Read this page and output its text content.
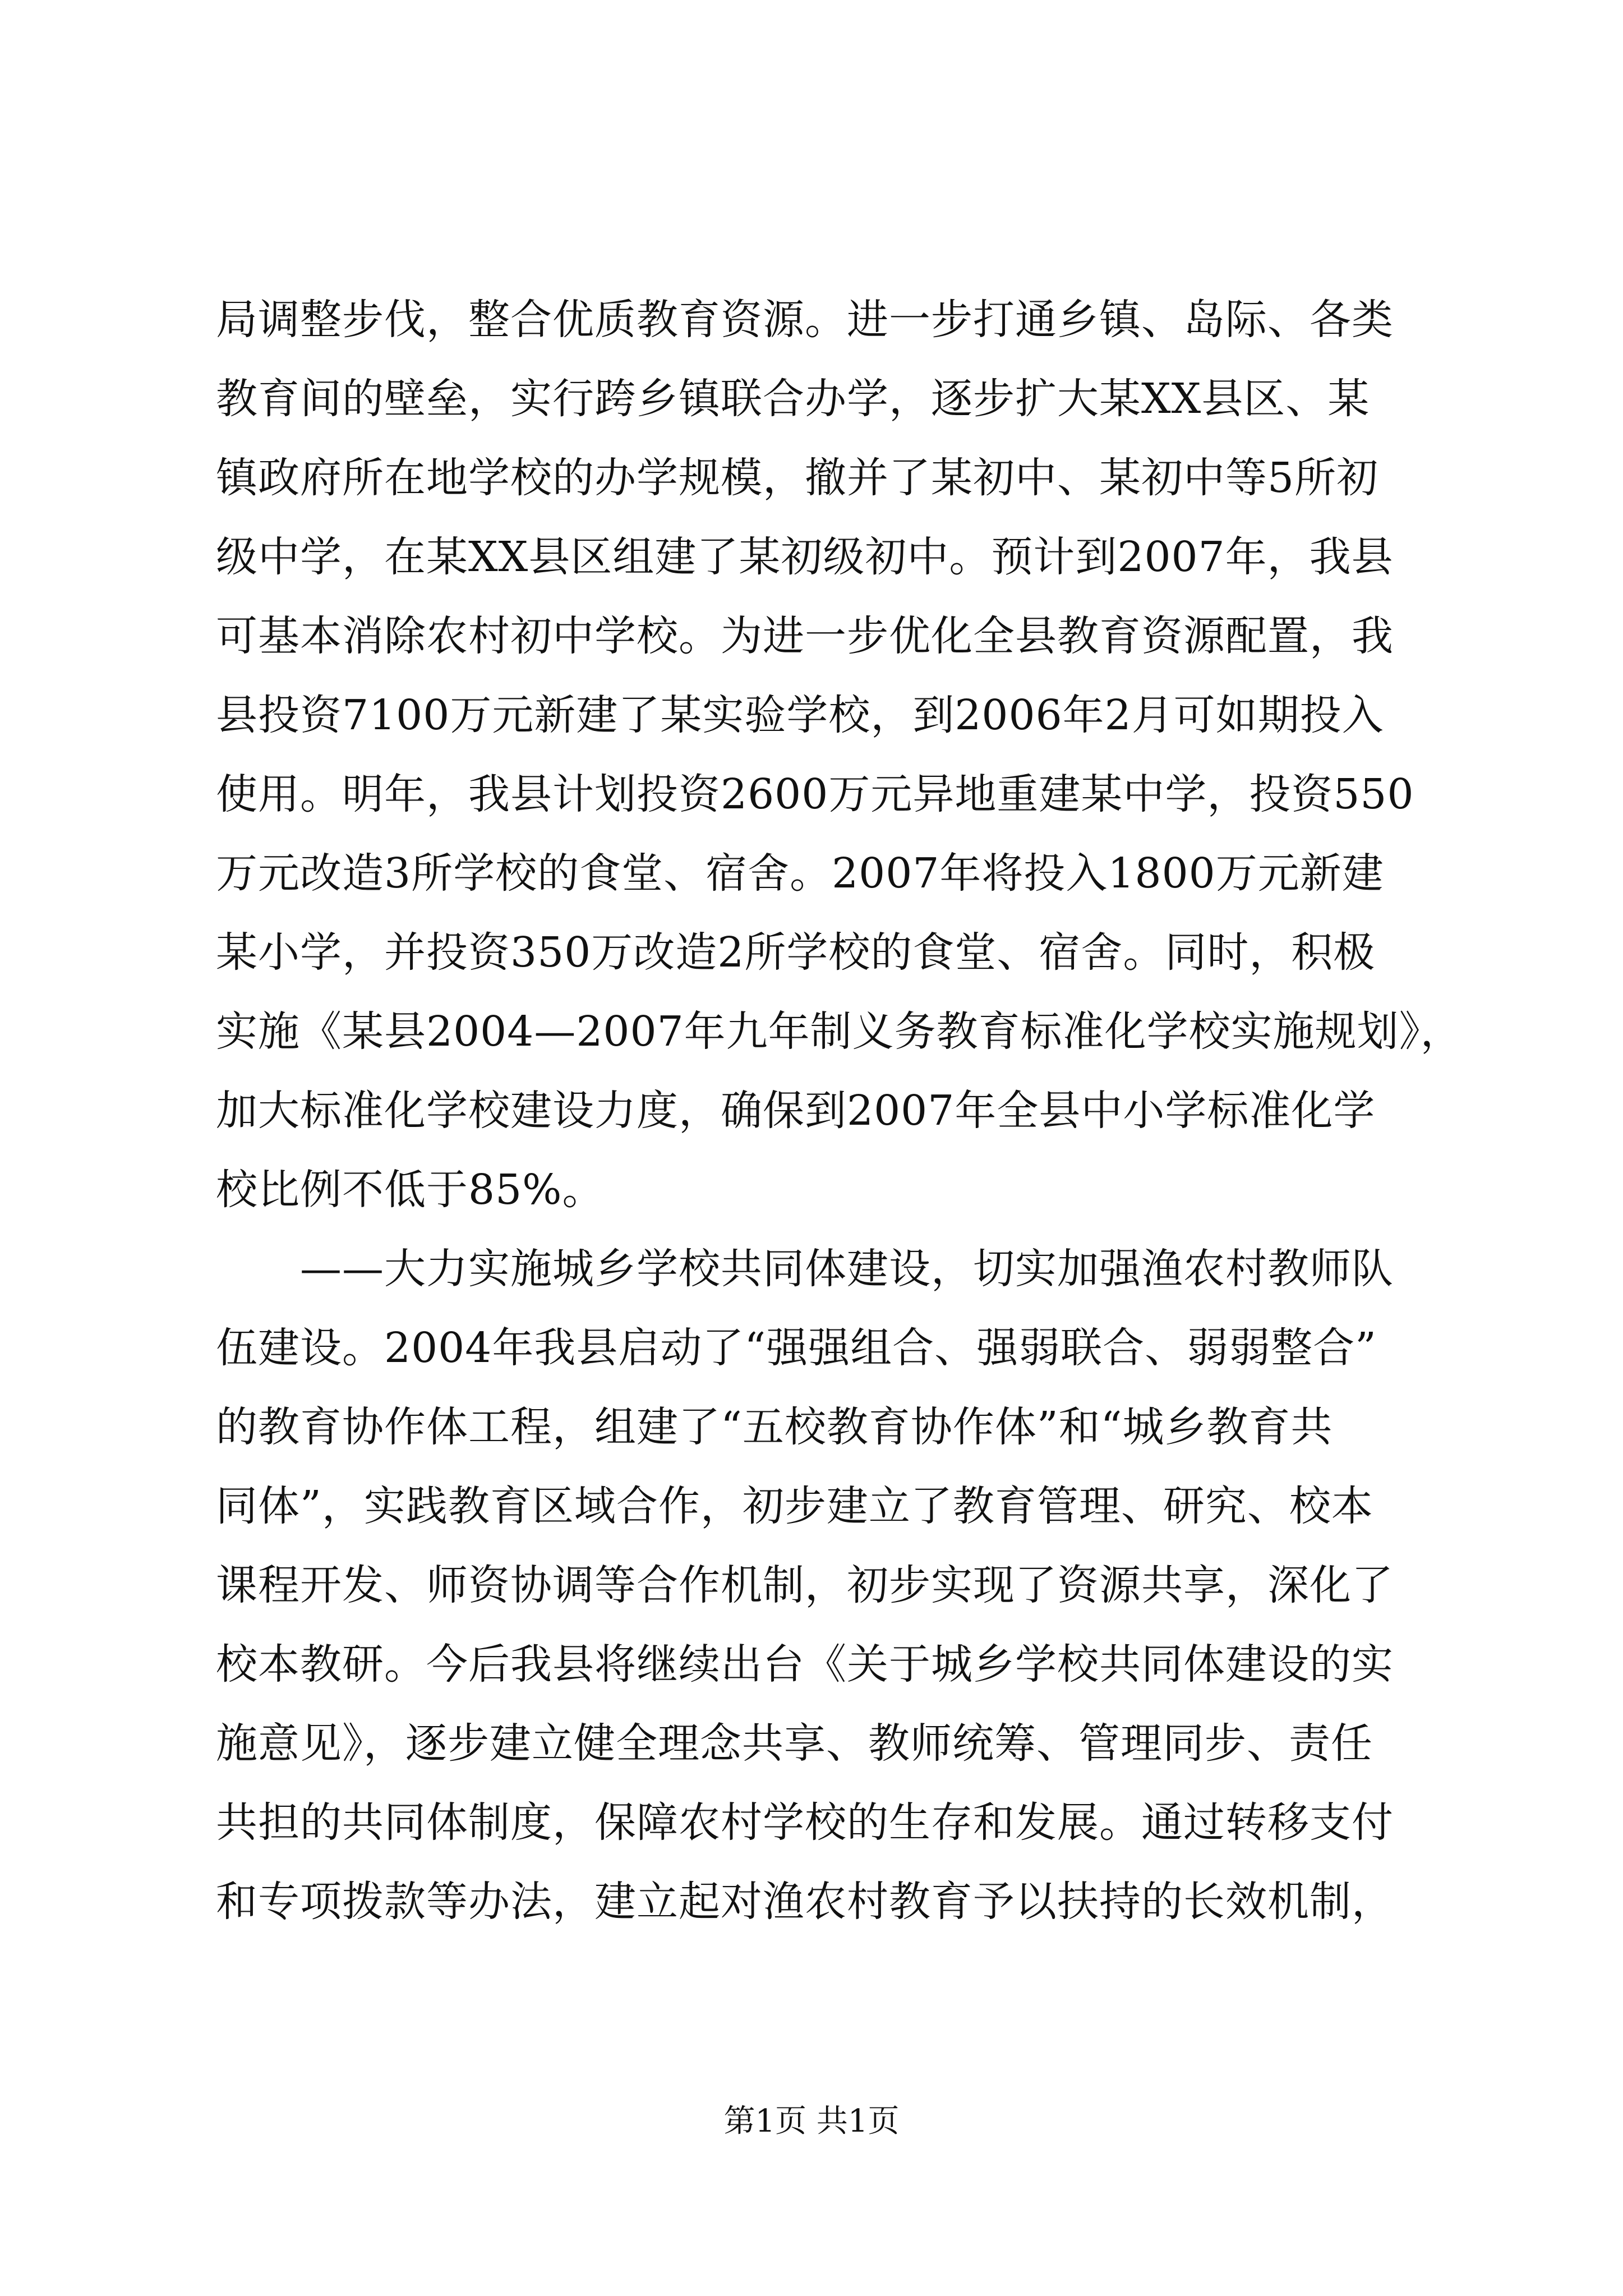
局调整步伐，整合优质教育资源。进一步打通乡镇、岛际、各类
教育间的壁垒，实行跨乡镇联合办学，逐步扩大某XX县区、某
镇政府所在地学校的办学规模，撤并了某初中、某初中等5所初
级中学，在某XX县区组建了某初级初中。预计到2007年，我县
可基本消除农村初中学校。为进一步优化全县教育资源配置，我
县投资7100万元新建了某实验学校，到2006年2月可如期投入
使用。明年，我县计划投资2600万元异地重建某中学，投资550
万元改造3所学校的食堂、宿舍。2007年将投入1800万元新建
某小学，并投资350万改造2所学校的食堂、宿舍。同时，积极
实施《某县2004—2007年九年制义务教育标准化学校实施规划》，
加大标准化学校建设力度，确保到2007年全县中小学标准化学
校比例不低于85%。
　　——大力实施城乡学校共同体建设，切实加强渔农村教师队
伍建设。2004年我县启动了“强强组合、强弱联合、弱弱整合”
的教育协作体工程，组建了“五校教育协作体”和“城乡教育共
同体”，实践教育区域合作，初步建立了教育管理、研究、校本
课程开发、师资协调等合作机制，初步实现了资源共享，深化了
校本教研。今后我县将继续出台《关于城乡学校共同体建设的实
施意见》，逐步建立健全理念共享、教师统筹、管理同步、责任
共担的共同体制度，保障农村学校的生存和发展。通过转移支付
和专项拨款等办法，建立起对渔农村教育予以扶持的长效机制，
第1页 共1页
